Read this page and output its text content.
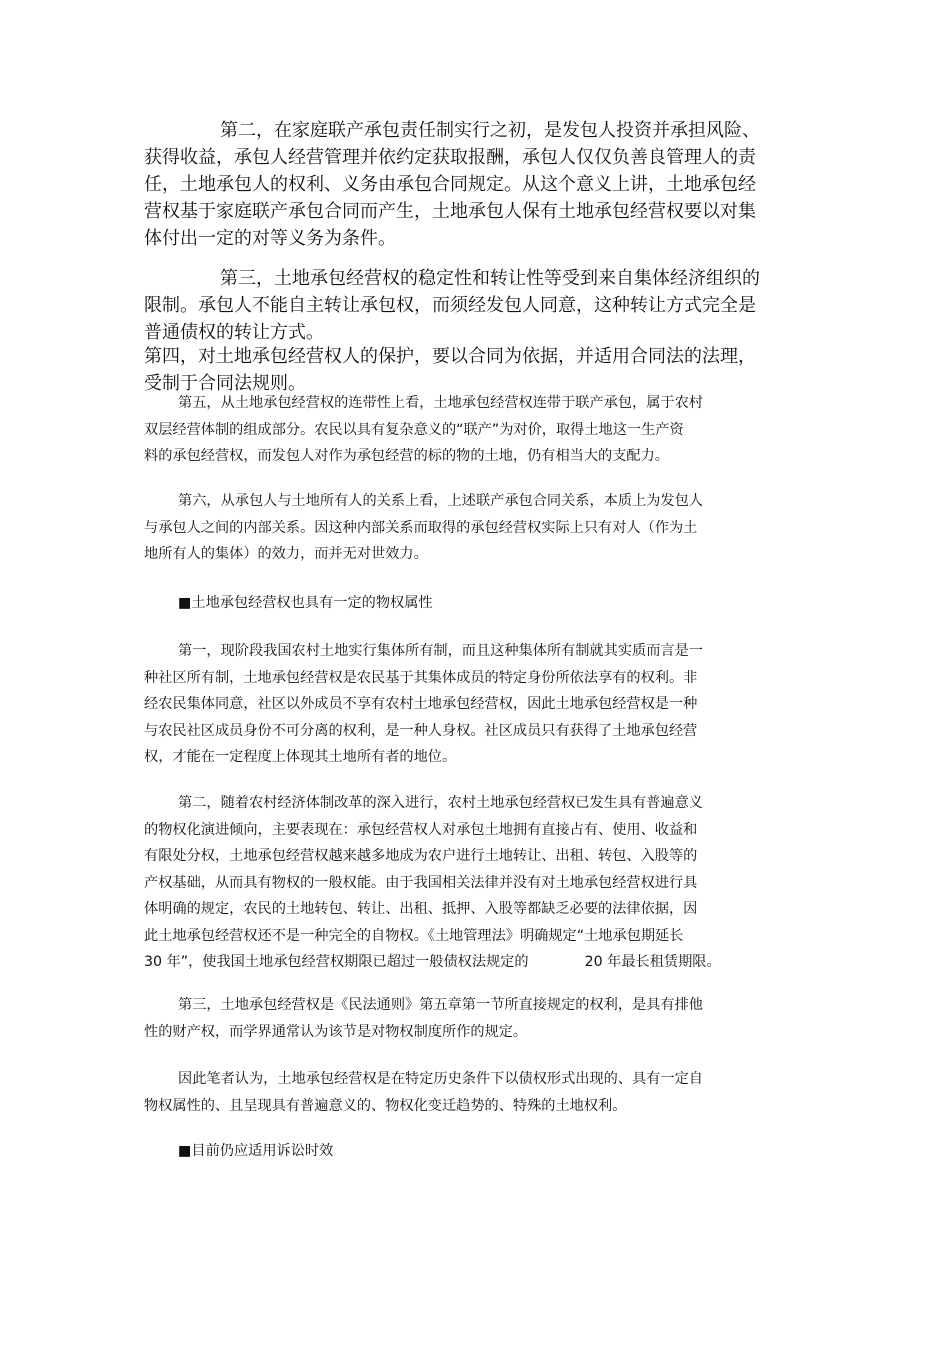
第二，在家庭联产承包责任制实行之初，是发包人投资并承担风险、

获得收益，承包人经营管理并依约定获取报酬，承包人仅仅负善良管理人的责

任，土地承包人的权利、义务由承包合同规定。从这个意义上讲，土地承包经

营权基于家庭联产承包合同而产生，土地承包人保有土地承包经营权要以对集

体付出一定的对等义务为条件。

第三，土地承包经营权的稳定性和转让性等受到来自集体经济组织的

限制。承包人不能自主转让承包权，而须经发包人同意，这种转让方式完全是

普通债权的转让方式。

第四，对土地承包经营权人的保护，要以合同为依据，并适用合同法的法理，

受制于合同法规则。

第五，从土地承包经营权的连带性上看，土地承包经营权连带于联产承包，属于农村

双层经营体制的组成部分。农民以具有复杂意义的“联产”为对价，取得土地这一生产资

料的承包经营权，而发包人对作为承包经营的标的物的土地，仍有相当大的支配力。

第六，从承包人与土地所有人的关系上看，上述联产承包合同关系，本质上为发包人

与承包人之间的内部关系。因这种内部关系而取得的承包经营权实际上只有对人（作为土

地所有人的集体）的效力，而并无对世效力。

■土地承包经营权也具有一定的物权属性

第一，现阶段我国农村土地实行集体所有制，而且这种集体所有制就其实质而言是一

种社区所有制，土地承包经营权是农民基于其集体成员的特定身份所依法享有的权利。非

经农民集体同意，社区以外成员不享有农村土地承包经营权，因此土地承包经营权是一种

与农民社区成员身份不可分离的权利，是一种人身权。社区成员只有获得了土地承包经营

权，才能在一定程度上体现其土地所有者的地位。

第二，随着农村经济体制改革的深入进行，农村土地承包经营权已发生具有普遍意义

的物权化演进倾向，主要表现在：承包经营权人对承包土地拥有直接占有、使用、收益和

有限处分权，土地承包经营权越来越多地成为农户进行土地转让、出租、转包、入股等的

产权基础，从而具有物权的一般权能。由于我国相关法律并没有对土地承包经营权进行具

体明确的规定，农民的土地转包、转让、出租、抵押、入股等都缺乏必要的法律依据，因

此土地承包经营权还不是一种完全的自物权。《土地管理法》明确规定“土地承包期延长

30 年”，使我国土地承包经营权期限已超过一般债权法规定的	20 年最长租赁期限。

第三，土地承包经营权是《民法通则》第五章第一节所直接规定的权利，是具有排他

性的财产权，而学界通常认为该节是对物权制度所作的规定。

因此笔者认为，土地承包经营权是在特定历史条件下以债权形式出现的、具有一定自

物权属性的、且呈现具有普遍意义的、物权化变迁趋势的、特殊的土地权利。

■目前仍应适用诉讼时效
